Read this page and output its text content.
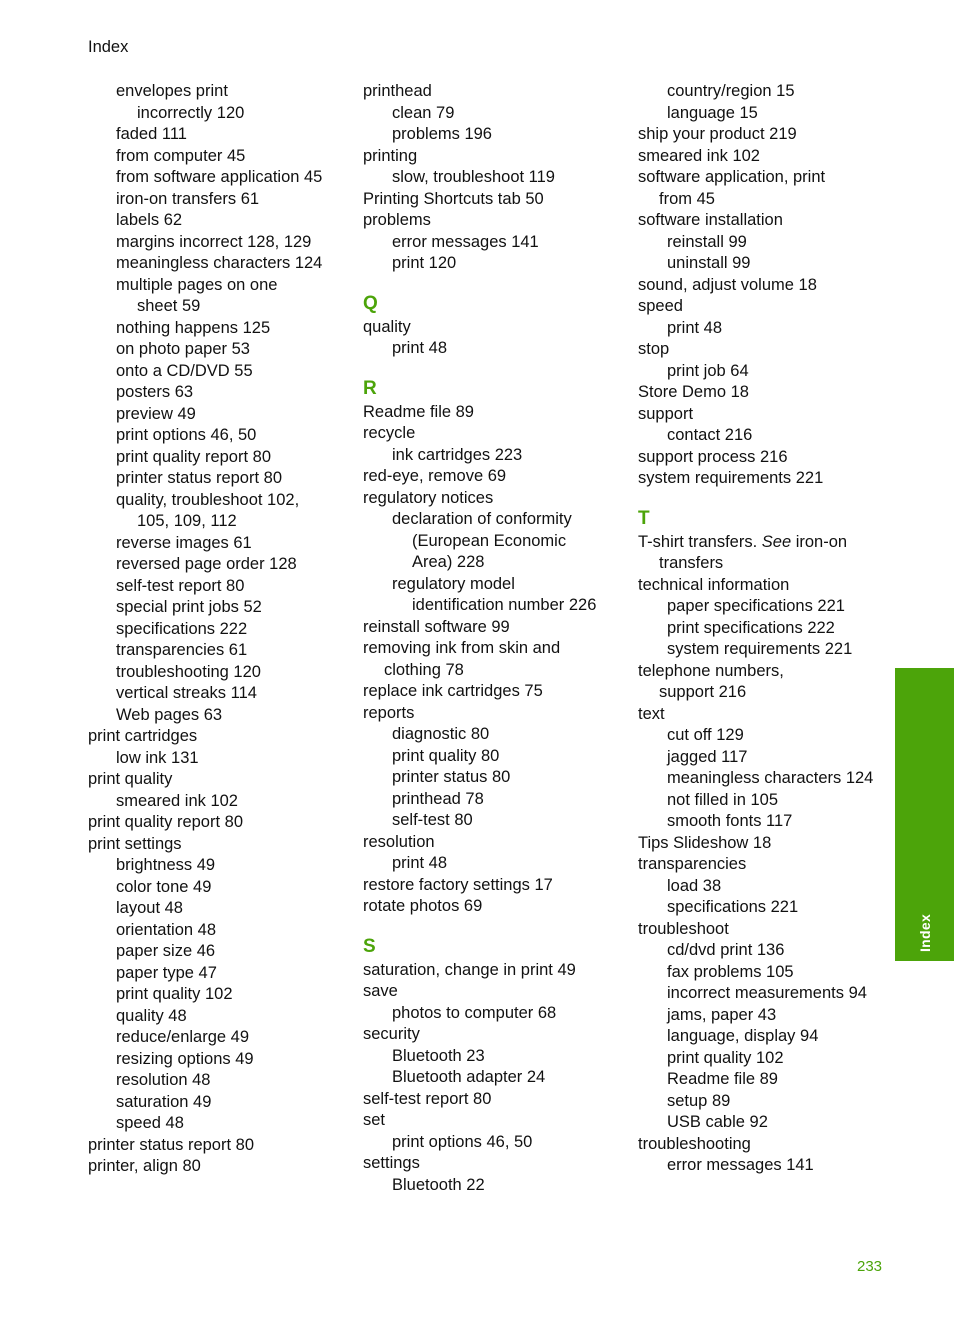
Index
envelopes print
incorrectly 120
faded 111
from computer 45
from software application 45
iron-on transfers 61
labels 62
margins incorrect 128, 129
meaningless characters 124
multiple pages on one
sheet 59
nothing happens 125
on photo paper 53
onto a CD/DVD 55
posters 63
preview 49
print options 46, 50
print quality report 80
printer status report 80
quality, troubleshoot 102,
105, 109, 112
reverse images 61
reversed page order 128
self-test report 80
special print jobs 52
specifications 222
transparencies 61
troubleshooting 120
vertical streaks 114
Web pages 63
print cartridges
low ink 131
print quality
smeared ink 102
print quality report 80
print settings
brightness 49
color tone 49
layout 48
orientation 48
paper size 46
paper type 47
print quality 102
quality 48
reduce/enlarge 49
resizing options 49
resolution 48
saturation 49
speed 48
printer status report 80
printer, align 80
printhead
clean 79
problems 196
printing
slow, troubleshoot 119
Printing Shortcuts tab 50
problems
error messages 141
print 120
Q
quality
print 48
R
Readme file 89
recycle
ink cartridges 223
red-eye, remove 69
regulatory notices
declaration of conformity
(European Economic
Area) 228
regulatory model
identification number 226
reinstall software 99
removing ink from skin and
clothing 78
replace ink cartridges 75
reports
diagnostic 80
print quality 80
printer status 80
printhead 78
self-test 80
resolution
print 48
restore factory settings 17
rotate photos 69
S
saturation, change in print 49
save
photos to computer 68
security
Bluetooth 23
Bluetooth adapter 24
self-test report 80
set
print options 46, 50
settings
Bluetooth 22
country/region 15
language 15
ship your product 219
smeared ink 102
software application, print
from 45
software installation
reinstall 99
uninstall 99
sound, adjust volume 18
speed
print 48
stop
print job 64
Store Demo 18
support
contact 216
support process 216
system requirements 221
T
T-shirt transfers. See iron-on
transfers
technical information
paper specifications 221
print specifications 222
system requirements 221
telephone numbers,
support 216
text
cut off 129
jagged 117
meaningless characters 124
not filled in 105
smooth fonts 117
Tips Slideshow 18
transparencies
load 38
specifications 221
troubleshoot
cd/dvd print 136
fax problems 105
incorrect measurements 94
jams, paper 43
language, display 94
print quality 102
Readme file 89
setup 89
USB cable 92
troubleshooting
error messages 141
Index
233
